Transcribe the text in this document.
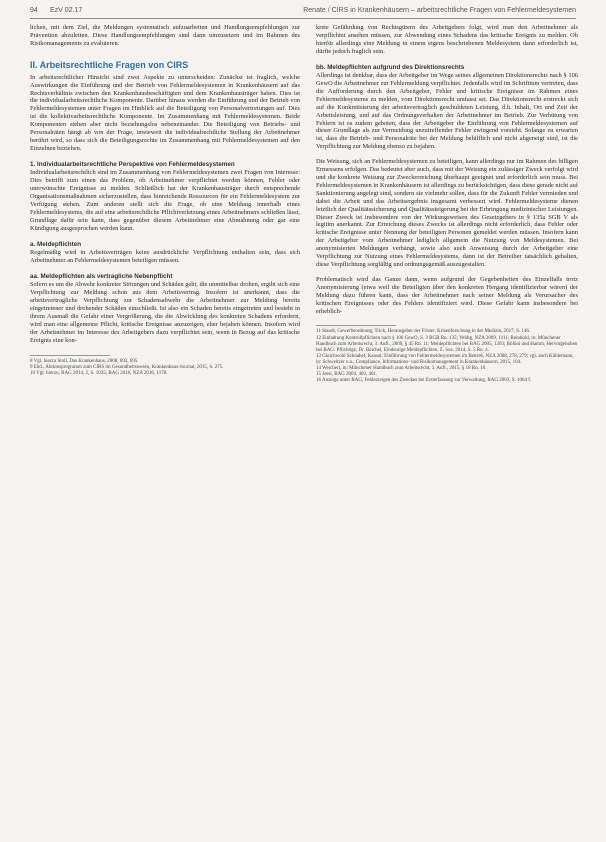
94 EzV 02.17	Renate / CIRS in Krankenhäusern – arbeitsrechtliche Fragen von Fehlermeldesystemen

lichen, mit dem Ziel, die Meldungen systematisch aufzuarbeiten und Handlungsempfehlungen zur Prävention abzuleiten. Diese Handlungsempfehlungen sind dann umzusetzen und im Rahmen des Risikomanagements zu evaluieren.

II. Arbeitsrechtliche Fragen von CIRS

In arbeitsrechtlicher Hinsicht sind zwei Aspekte zu unterscheiden: Zunächst ist fraglich, welche Auswirkungen die Einführung und der Betrieb von Fehlermeldesystemen in Krankenhäusern auf das Rechtsverhältnis zwischen den Krankenhausbeschäftigten und dem Krankenhausträger haben. Dies ist die individualarbeitsrechtliche Komponente. Darüber hinaus werden die Einführung und der Betrieb von Fehlermeldesystemen unter Fragen im Hinblick auf die Beteiligung von Personalvertretungen auf. Dies ist die kollektivarbeitsrechtliche Komponente. Im Zusammenhang mit Fehlermeldesystemen. Beide Komponenten stehen aber nicht beziehungslos nebeneinander. Die Beteiligung von Betriebs- und Personalräten hängt ab von der Frage, inwieweit die individualrechtliche Stellung der Arbeitnehmer berührt wird, so dass sich die Beteiligungsrechte im Zusammenhang mit Fehlermeldesystemen auf den Einzelnen beziehen.

1. Individualarbeitsrechtliche Perspektive von Fehlermeldesystemen

Individualarbeitsrechtlich sind im Zusammenhang von Fehlermeldesystemen zwei Fragen von Interesse: Dies betrifft zum einen das Problem, ob Arbeitnehmer verpflichtet werden können, Fehler oder unerwünschte Ereignisse zu melden. Schließlich hat der Krankenhausträger durch entsprechende Organisationsmaßnahmen sicherzustellen, dass hinreichende Ressourcen für ein Fehlermeldesystem zur Verfügung stehen. Zum anderen stellt sich die Frage, ob eine Meldung innerhalb eines Fehlermeldesystems, die auf eine arbeitsrechtliche Pflichtverletzung eines Arbeitnehmers schließen lässt, Grundlage dafür sein kann, dass gegenüber diesem Arbeitnehmer eine Abmahnung oder gar eine Kündigung ausgesprochen werden kann.

a. Meldepflichten

Regelmäßig wird in Arbeitsverträgen keine ausdrückliche Verpflichtung enthalten sein, dass sich Arbeitnehmer an Fehlermeldesystemen beteiligen müssen.

aa. Meldepflichten als vertragliche Nebenpflicht

Sofern es um die Abwehr konkreter Störungen und Schäden geht, die unmittelbar drohen, ergibt sich eine Verpflichtung zur Meldung schon aus dem Arbeitsvertrag. Insofern ist anerkannt, dass die arbeitsvertragliche Verpflichtung zur Schadensabwehr die Arbeitnehmer zur Meldung bereits eingetretener und drohender Schäden einschließt. Ist also ein Schaden bereits eingetreten und besteht in ihrem Ausmaß die Gefahr einer Vergrößerung, die die Abwicklung des konkreten Schadens erfordern, wird man eine allgemeine Pflicht, kritische Ereignisse anzuzeigen, eher bejahen können. Insofern wird der Arbeitnehmer im Interesse des Arbeitgebers dazu verpflichtet sein, wenn in Bezug auf das kritische Ereignis eine kon-

8 Vgl. hierzu Stoll, Das Krankenhaus, 2008, 693, 695.

9 Ebd., Aktionsprogramm zum CIRS im Gesundheitswesen, Krankenhaus-Journal, 2015, S. 275.

10 Vgl. hierzu, BAG 2014, 2, S. 1035; BAG 2016, NZA 2016, 1178.

krete Gefährdung von Rechtsgütern des Arbeitgebers folgt, wird man den Arbeitnehmer als verpflichtet ansehen müssen, zur Abwendung eines Schadens das kritische Ereignis zu melden. Ob hierfür allerdings eine Meldung in einem eigens beschriebenen Meldesystem dann erforderlich ist, dürfte jedoch fraglich sein.

bb. Meldepflichten aufgrund des Direktionsrechts

Allerdings ist denkbar, dass der Arbeitgeber im Wege seines allgemeinen Direktionsrechts nach § 106 GewO die Arbeitnehmer zur Fehlermeldung verpflichtet. Jedenfalls wird im Schrifttum vertreten, dass die Aufforderung durch den Arbeitgeber, Fehler und kritische Ereignisse im Rahmen eines Fehlermeldesystems zu melden, vom Direktionsrecht umfasst sei. Das Direktionsrecht erstreckt sich auf die Konkretisierung der arbeitsvertraglich geschuldeten Leistung, d.h. Inhalt, Ort und Zeit der Arbeitsleistung, und auf das Ordnungsverhalten der Arbeitnehmer im Betrieb. Zur Verhütung von Fehlern ist es zudem geboten, dass der Arbeitgeber die Einführung von Fehlermeldesystemen auf dieser Grundlage als zur Vermeidung unzutreffender Fehler zwingend vorsieht. Solange zu erwarten ist, dass die Betrieb- und Personalräte bei der Meldung behilflich und nicht abgeneigt sind, ist die Verpflichtung zur Meldung ebenso zu bejahen.

Die Weisung, sich an Fehlermeldesystemen zu beteiligen, kann allerdings nur im Rahmen des billigen Ermessens erfolgen. Das bedeutet aber auch, dass mit der Weisung ein zulässiger Zweck verfolgt wird und die konkrete Weisung zur Zweckerreichung überhaupt geeignet und erforderlich sein muss. Bei Fehlermeldesystemen in Krankenhäusern ist allerdings zu berücksichtigen, dass diese gerade nicht auf Sanktionierung angelegt sind, sondern sie vielmehr sollen, dass für die Zukunft Fehler vermieden und dabei die Arbeit und das Arbeitsergebnis insgesamt verbessert wird. Fehlermeldesysteme dienen letztlich der Qualitätssicherung und Qualitätssteigerung bei der Erbringung medizinischer Leistungen. Dieser Zweck ist insbesondere von der Wirkungsweisen des Gesetzgebers in § 135a SGB V als legitim anerkannt. Zur Erreichung dieses Zwecks ist allerdings nicht erforderlich, dass Fehler oder kritische Ereignisse unter Nennung der beteiligten Personen gemeldet werden müssen. Insofern kann der Arbeitgeber vom Arbeitnehmer lediglich allgemein die Nutzung von Meldesystemen. Bei anonymisierten Meldungen verhängt, sowie also auch Anweisung durch der Arbeitgeber eine Verpflichtung zur Nutzung eines Fehlermeldesystems, dann ist der Betreiber tatsächlich gehalten, diese Verpflichtung sorgfältig und ordnungsgemäß auszugestalten.

Problematisch wird das Ganze dann, wenn aufgrund der Gegebenheiten des Einzelfalls trotz Anonymisierung (etwa weil die Beteiligten über den konkreten Hergang identifizierbar wären) der Meldung dazu führen kann, dass der Arbeitnehmer nach seiner Meldung als Verursacher des kritischen Ereignisses oder des Fehlers identifiziert wird. Diese Gefahr kann insbesondere bei erheblich-

11 Staudt, Gewerbeordnung, Trick, Herausgeber der Frister, Krisenforschung in der Medizin, 2017, S. 146.

12 Einhaltung Kontrollpflichten nach § 106 GewO, S. 3 BGB Rn. 135; Veldig, NZA 2009, 1111; Reinhold, in: Münchener Handbuch zum Arbeitsrecht, 3. Aufl., 2009, § 45 Rn. 11; Meldepflichten bei BAG 2005, 1263; Bölöni und Hamm, Hervorgehoben bei BAG: Pflichtige, Dr. Reichel, Eindeutige Meldepflichten, Z. Soz. 2014, S. 5 Rn. 4.

13 Gleichwohl Schnabel, Kausal: Einführung von Fehlermeldesystemen im Betrieb, NZA 2008, 278, 279; vgl. auch Kühlemann, in: Schweitzer u.a., Compliance, Informations- und Risikomanagement in Krankenhäusern, 2015, 104.

14 Weichert, in: Münchener Handbuch zum Arbeitsrecht, 3. Aufl., 2015, § 18 Rn. 10.

15 Jessl, BAG 2004, 403, 401.

16 Anzeige unter BAG, Fehlerzeigen des Zweckes bei Ersterfassung zur Verwaltung, BAG 2003, S. 1064 f.
